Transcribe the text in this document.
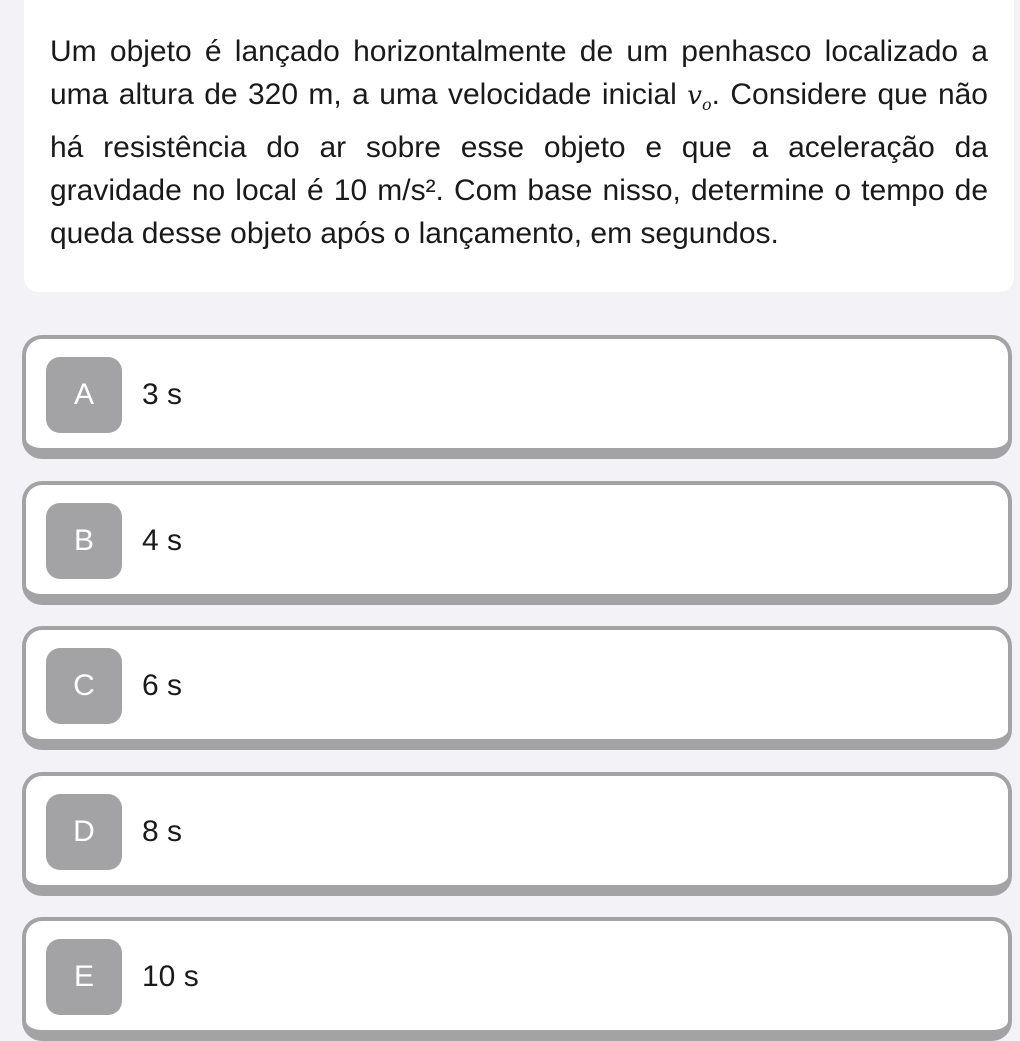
Um objeto é lançado horizontalmente de um penhasco localizado a uma altura de 320 m, a uma velocidade inicial $v_o$. Considere que não há resistência do ar sobre esse objeto e que a aceleração da gravidade no local é 10 m/s². Com base nisso, determine o tempo de queda desse objeto após o lançamento, em segundos.

A	3 s
B	4 s
C	6 s
D	8 s
E	10 s
